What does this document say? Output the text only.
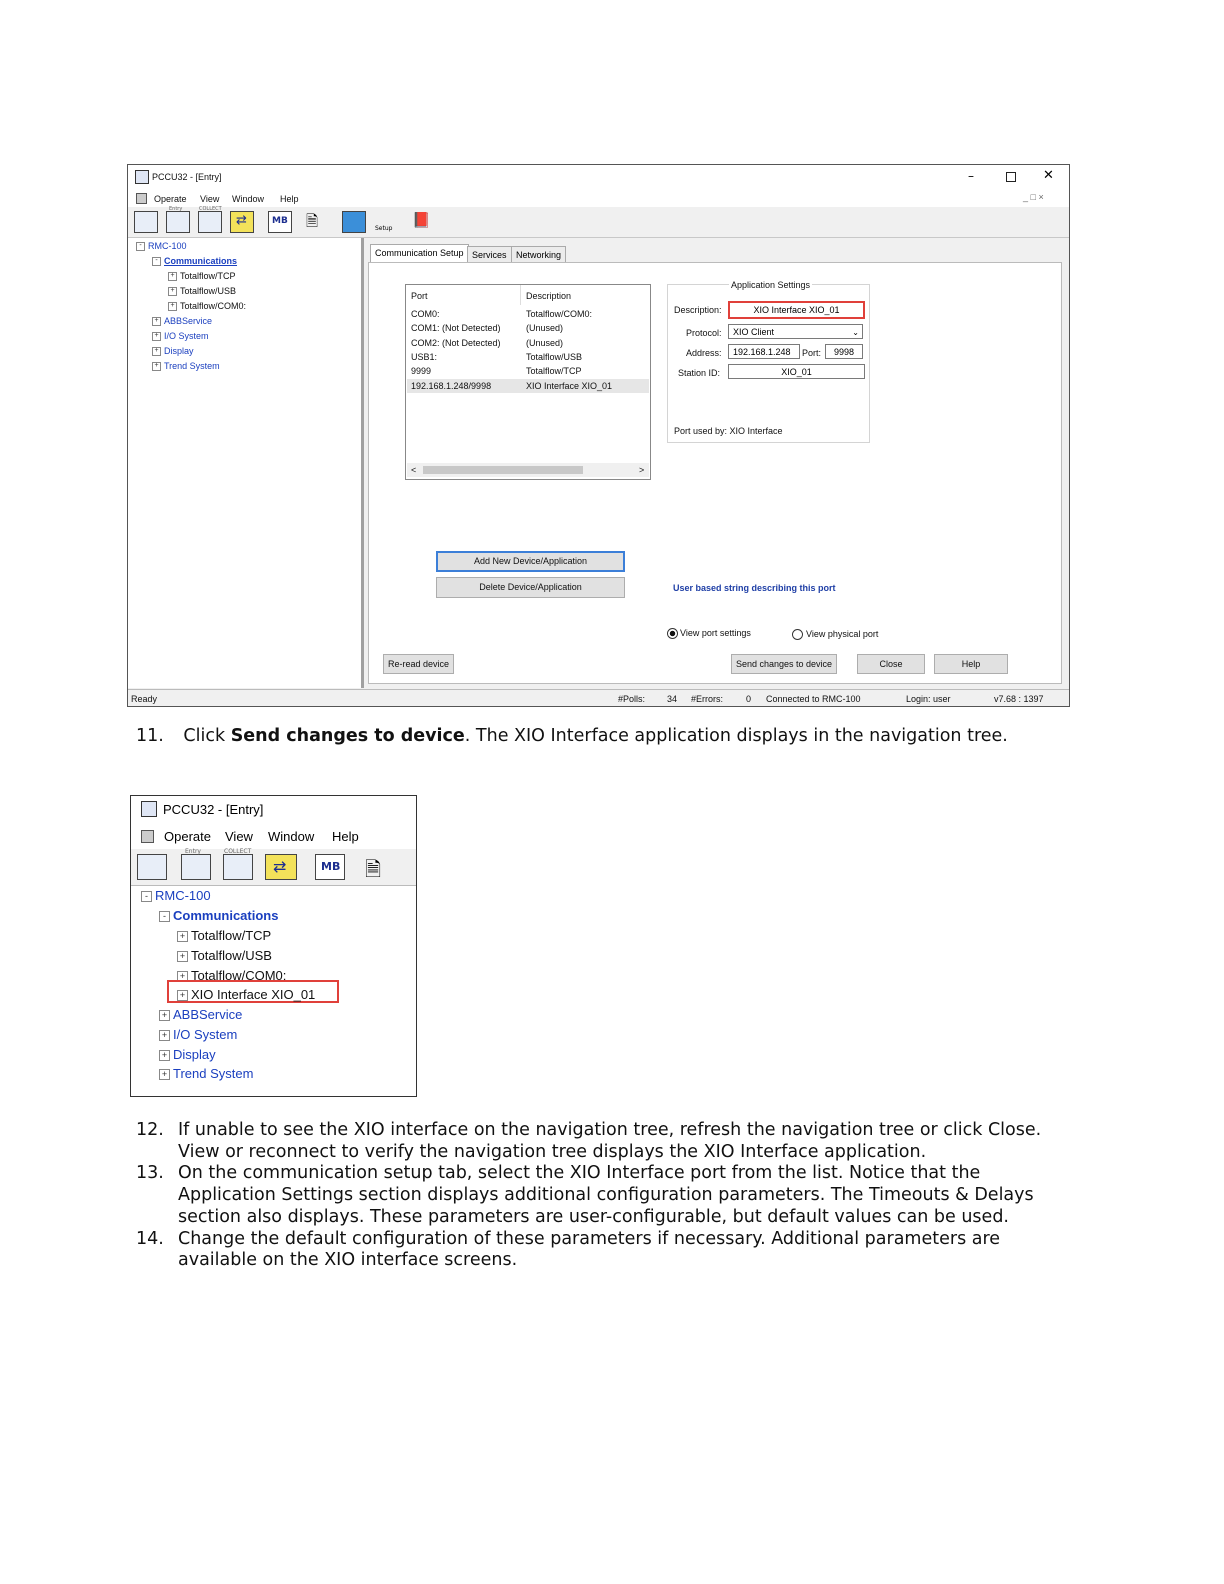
PCCU32 - [Entry]	–	✕
Operate View Window Help	_ □ ×
Entry	COLLECT
⇄	MB 🗎	Setup 📕
- RMC-100
- Communications
+ Totalflow/TCP
+ Totalflow/USB
+ Totalflow/COM0:
+ ABBService
+ I/O System
+ Display
+ Trend System
Communication Setup Services	Networking
Port	Description
COM0:	Totalflow/COM0:
COM1: (Not Detected)	(Unused)
COM2: (Not Detected)	(Unused)
USB1:	Totalflow/USB
9999	Totalflow/TCP
192.168.1.248/9998	XIO Interface XIO_01
<	>
Application Settings
Description:	XIO Interface XIO_01
Protocol:	XIO Client	⌄
Address:	192.168.1.248	Port:	9998
Station ID:	XIO_01
Port used by: XIO Interface
Add New Device/Application
Delete Device/Application	User based string describing this port
View port settings	View physical port
Re-read device	Send changes to device	Close	Help
Ready	#Polls: 34 #Errors:	0 Connected to RMC-100	Login: user	v7.68 : 1397
11. Click Send changes to device. The XIO Interface application displays in the navigation tree.
PCCU32 - [Entry]
Operate View Window Help
Entry	COLLECT
⇄	MB 🗎
- RMC-100
- Communications
+ Totalflow/TCP
+ Totalflow/USB
+ Totalflow/COM0:
+ XIO Interface XIO_01
+ ABBService
+ I/O System
+ Display
+ Trend System
12. If unable to see the XIO interface on the navigation tree, refresh the navigation tree or click Close.
View or reconnect to verify the navigation tree displays the XIO Interface application.
13. On the communication setup tab, select the XIO Interface port from the list. Notice that the
Application Settings section displays additional configuration parameters. The Timeouts & Delays
section also displays. These parameters are user-configurable, but default values can be used.
14. Change the default configuration of these parameters if necessary. Additional parameters are
available on the XIO interface screens.
